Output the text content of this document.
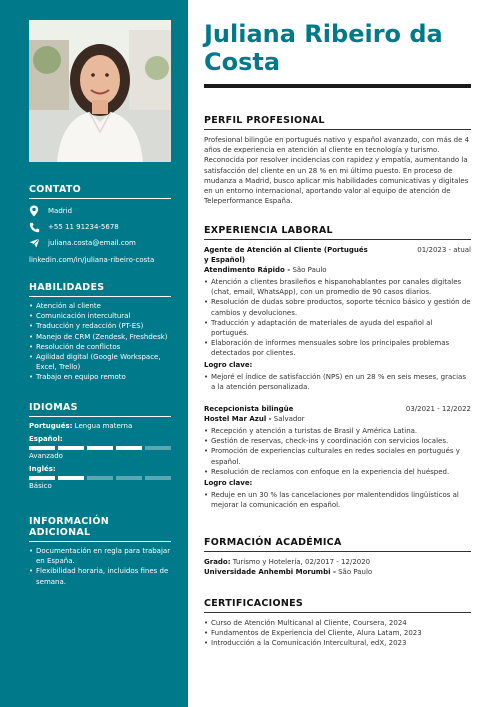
CONTATO
Madrid
+55 11 91234-5678
juliana.costa@email.com
linkedin.com/in/juliana-ribeiro-costa
HABILIDADES
• Atención al cliente
• Comunicación intercultural
• Traducción y redacción (PT-ES)
• Manejo de CRM (Zendesk, Freshdesk)
• Resolución de conflictos
• Agilidad digital (Google Workspace, Excel, Trello)
• Trabajo en equipo remoto
IDIOMAS
Portugués: Lengua materna
Español:
Avanzado
Inglés:
Básico
INFORMACIÓN ADICIONAL
• Documentación en regla para trabajar en España.
• Flexibilidad horaria, incluidos fines de semana.
Juliana Ribeiro da Costa
PERFIL PROFESIONAL
Profesional bilingüe en portugués nativo y español avanzado, con más de 4 años de experiencia en atención al cliente en tecnología y turismo. Reconocida por resolver incidencias con rapidez y empatía, aumentando la satisfacción del cliente en un 28 % en mi último puesto. En proceso de mudanza a Madrid, busco aplicar mis habilidades comunicativas y digitales en un entorno internacional, aportando valor al equipo de atención de Teleperformance España.
EXPERIENCIA LABORAL
Agente de Atención al Cliente (Portugués y Español)
01/2023 - atual
Atendimento Rápido - São Paulo
• Atención a clientes brasileños e hispanohablantes por canales digitales (chat, email, WhatsApp), con un promedio de 90 casos diarios.
• Resolución de dudas sobre productos, soporte técnico básico y gestión de cambios y devoluciones.
• Traducción y adaptación de materiales de ayuda del español al portugués.
• Elaboración de informes mensuales sobre los principales problemas detectados por clientes.
Logro clave:
• Mejoré el índice de satisfacción (NPS) en un 28 % en seis meses, gracias a la atención personalizada.
Recepcionista bilingüe	03/2021 - 12/2022
Hostel Mar Azul - Salvador
• Recepción y atención a turistas de Brasil y América Latina.
• Gestión de reservas, check-ins y coordinación con servicios locales.
• Promoción de experiencias culturales en redes sociales en portugués y español.
• Resolución de reclamos con enfoque en la experiencia del huésped.
Logro clave:
• Reduje en un 30 % las cancelaciones por malentendidos lingüísticos al mejorar la comunicación en español.
FORMACIÓN ACADÉMICA
Grado: Turismo y Hotelería, 02/2017 - 12/2020
Universidade Anhembi Morumbi - São Paulo
CERTIFICACIONES
• Curso de Atención Multicanal al Cliente, Coursera, 2024
• Fundamentos de Experiencia del Cliente, Alura Latam, 2023
• Introducción a la Comunicación Intercultural, edX, 2023
